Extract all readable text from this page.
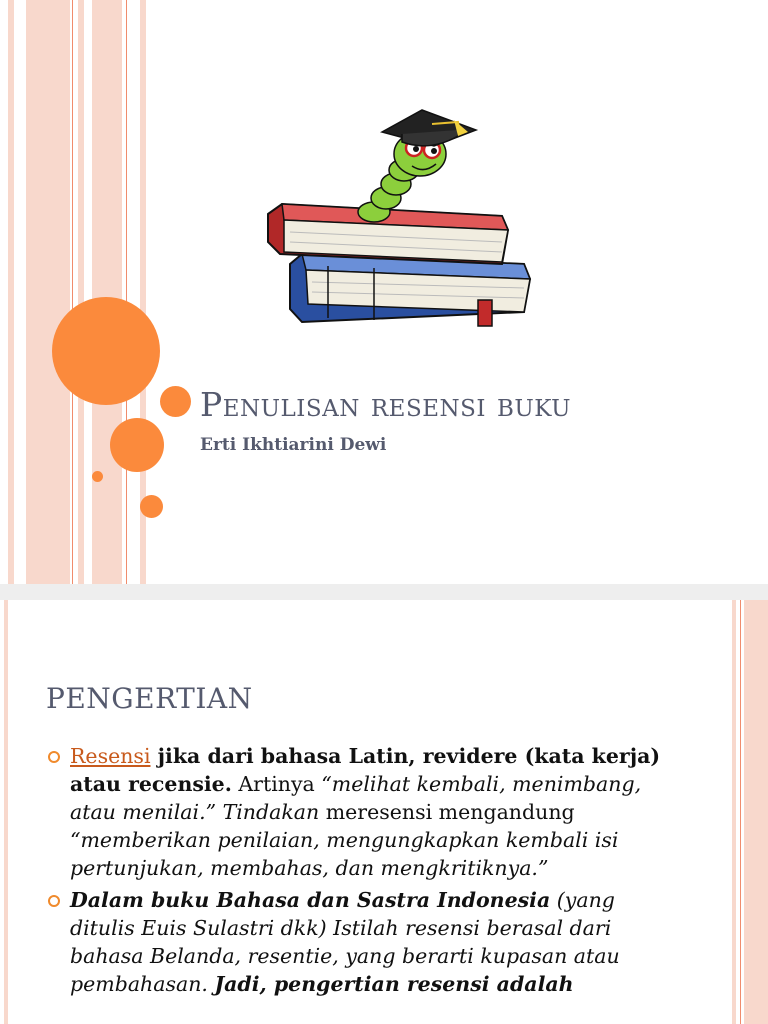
Penulisan resensi buku
Erti Ikhtiarini Dewi
PENGERTIAN
Resensi jika dari bahasa Latin, revidere (kata kerja) atau recensie. Artinya “melihat kembali, menimbang, atau menilai.” Tindakan meresensi mengandung “memberikan penilaian, mengungkapkan kembali isi pertunjukan, membahas, dan mengkritiknya.”
Dalam buku Bahasa dan Sastra Indonesia (yang ditulis Euis Sulastri dkk) Istilah resensi berasal dari bahasa Belanda, resentie, yang berarti kupasan atau pembahasan. Jadi, pengertian resensi adalah
